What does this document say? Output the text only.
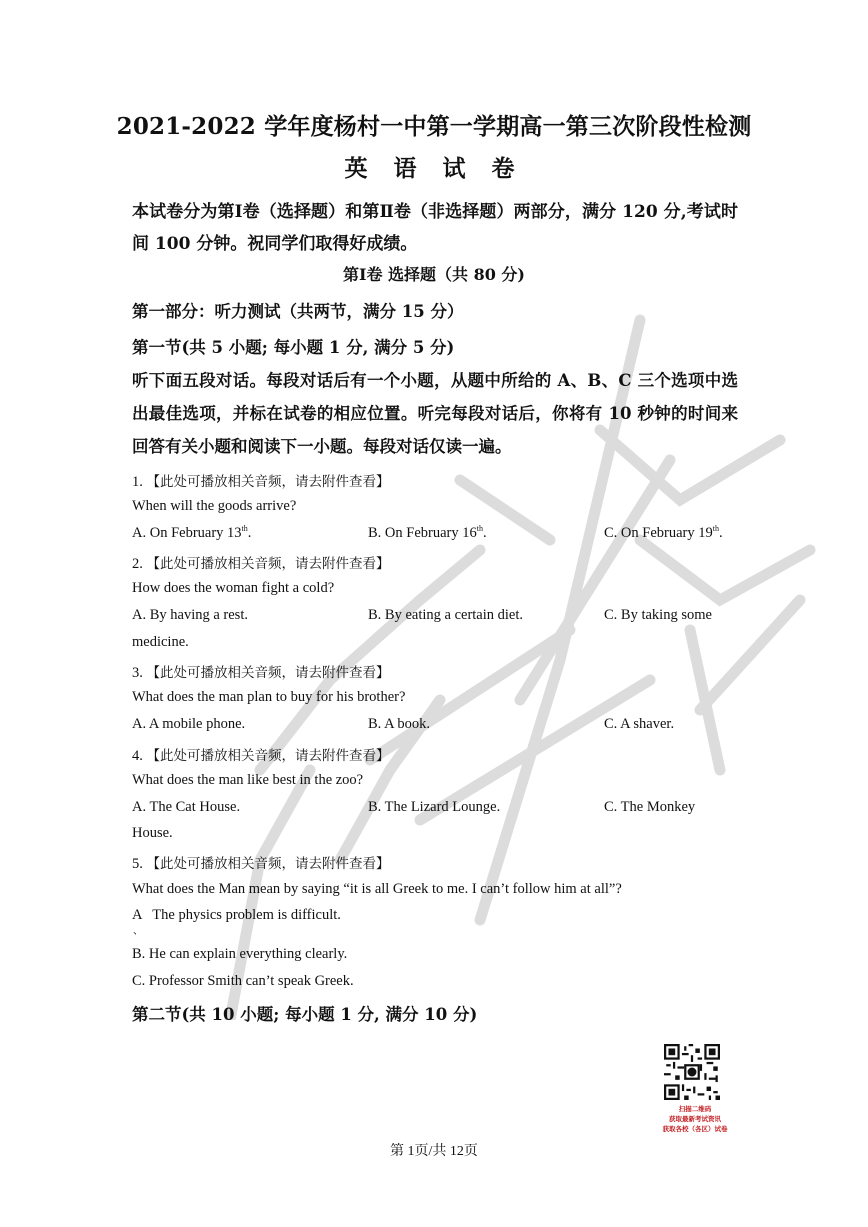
2021-2022 学年度杨村一中第一学期高一第三次阶段性检测
英 语 试 卷
本试卷分为第Ⅰ卷（选择题）和第Ⅱ卷（非选择题）两部分，满分 120 分,考试时间 100 分钟。祝同学们取得好成绩。
第Ⅰ卷 选择题（共 80 分)
第一部分：听力测试（共两节，满分 15 分）
第一节(共 5 小题; 每小题 1 分, 满分 5 分)
听下面五段对话。每段对话后有一个小题，从题中所给的 A、B、C 三个选项中选出最佳选项，并标在试卷的相应位置。听完每段对话后，你将有 10 秒钟的时间来回答有关小题和阅读下一小题。每段对话仅读一遍。
1. 【此处可播放相关音频，请去附件查看】
When will the goods arrive?
A. On February 13th.	B. On February 16th.	C. On February 19th.
2. 【此处可播放相关音频，请去附件查看】
How does the woman fight a cold?
A. By having a rest.	B. By eating a certain diet.	C. By taking some
medicine.
3. 【此处可播放相关音频，请去附件查看】
What does the man plan to buy for his brother?
A. A mobile phone.	B. A book.	C. A shaver.
4. 【此处可播放相关音频，请去附件查看】
What does the man like best in the zoo?
A. The Cat House.	B. The Lizard Lounge.	C. The Monkey
House.
5. 【此处可播放相关音频，请去附件查看】
What does the Man mean by saying “it is all Greek to me. I can’t follow him at all”?
A   The physics problem is difficult.
、
B. He can explain everything clearly.
C. Professor Smith can’t speak Greek.
第二节(共 10 小题; 每小题 1 分, 满分 10 分)
扫描二维码
获取最新考试资讯
获取各校（各区）试卷
第 1页/共 12页
